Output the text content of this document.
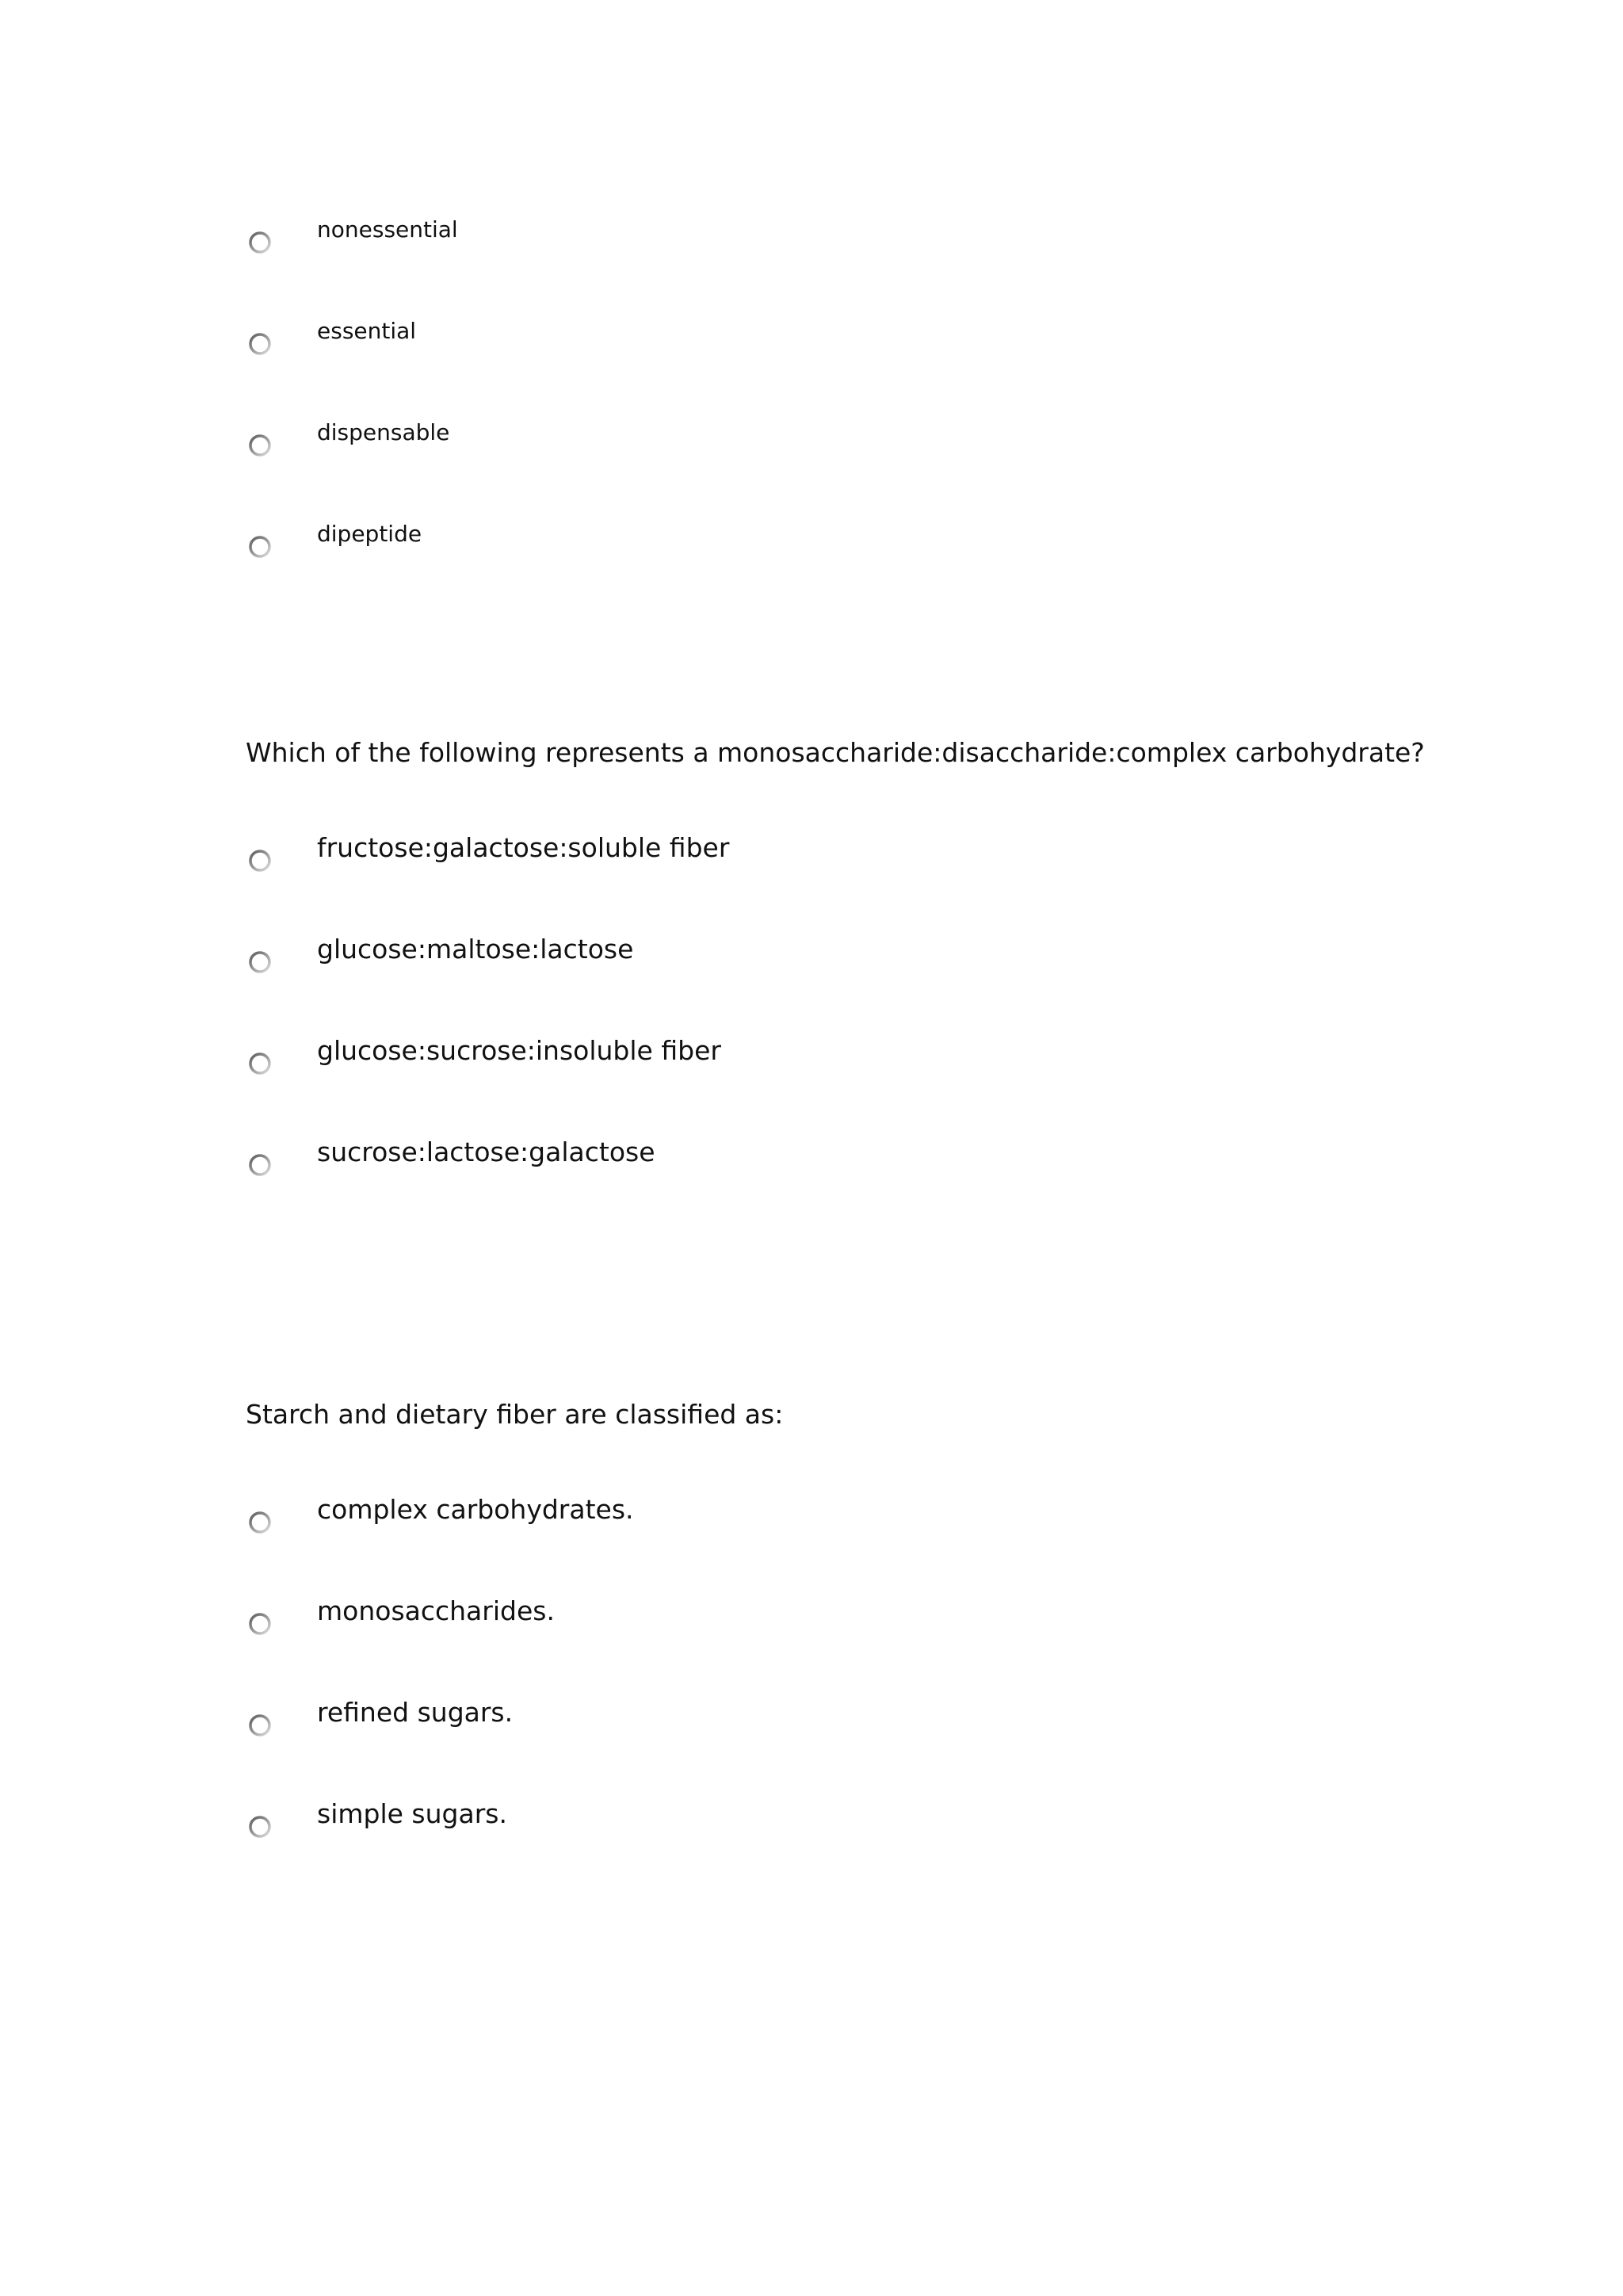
nonessential
essential
dispensable
dipeptide

Which of the following represents a monosaccharide:disaccharide:complex carbohydrate?

fructose:galactose:soluble fiber
glucose:maltose:lactose
glucose:sucrose:insoluble fiber
sucrose:lactose:galactose

Starch and dietary fiber are classified as:

complex carbohydrates.
monosaccharides.
refined sugars.
simple sugars.
